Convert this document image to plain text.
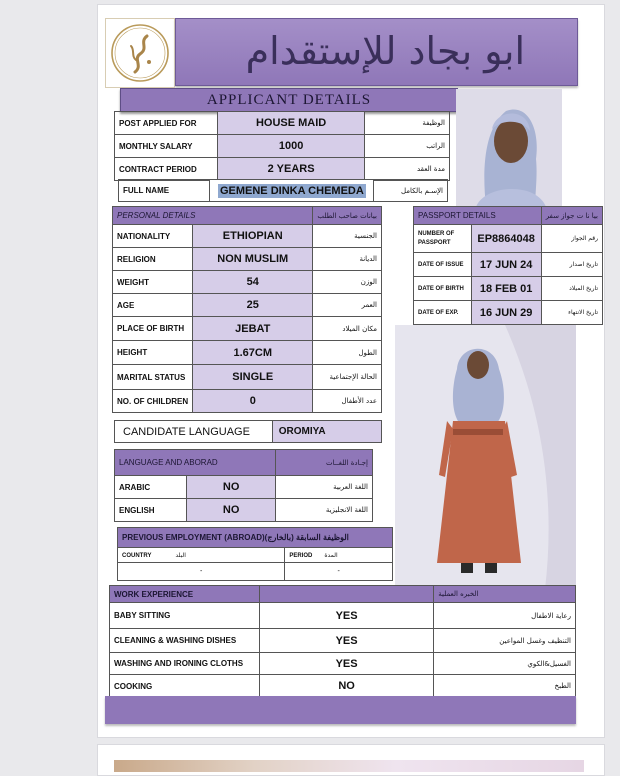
ابو بجاد للإستقدام
APPLICANT DETAILS
POST APPLIED FOR	HOUSE MAID	الوظيفة
MONTHLY SALARY	1000	الراتب
CONTRACT PERIOD	2 YEARS	مدة العقد
FULL NAME	GEMENE DINKA CHEMEDA	الإسـم بالكامل
PERSONAL DETAILS		بيانات صاحب الطلب
NATIONALITY	ETHIOPIAN	الجنسية
RELIGION	NON MUSLIM	الديانة
WEIGHT	54	الوزن
AGE	25	العمر
PLACE OF BIRTH	JEBAT	مكان الميلاد
HEIGHT	1.67CM	الطول
MARITAL STATUS	SINGLE	الحالة الإجتماعية
NO. OF CHILDREN	0	عدد الأطفال
PASSPORT DETAILS		بيا نا ت جواز سفر
NUMBER OF PASSPORT	EP8864048	رقم الجواز
DATE OF ISSUE	17 JUN 24	تاريخ اصدار
DATE OF BIRTH	18 FEB 01	تاريخ الميلاد
DATE OF EXP.	16 JUN 29	تاريخ الانتهاء
CANDIDATE LANGUAGE	OROMIYA
LANGUAGE AND ABORAD		إجـادة اللغــات
ARABIC	NO	اللغة العربية
ENGLISH	NO	اللغة الانجليزية
PREVIOUS EMPLOYMENT (ABROAD)(الوظيفة السابقة (بالخارج	
COUNTRY البلد	PERIOD المدة
-	-
WORK EXPERIENCE		الخبره العملية
BABY SITTING	YES	رعاية الاطفال
CLEANING & WASHING DISHES	YES	التنظيف وغسل المواعين
WASHING AND IRONING CLOTHS	YES	الغسيل&الكوي
COOKING	NO	الطبخ
